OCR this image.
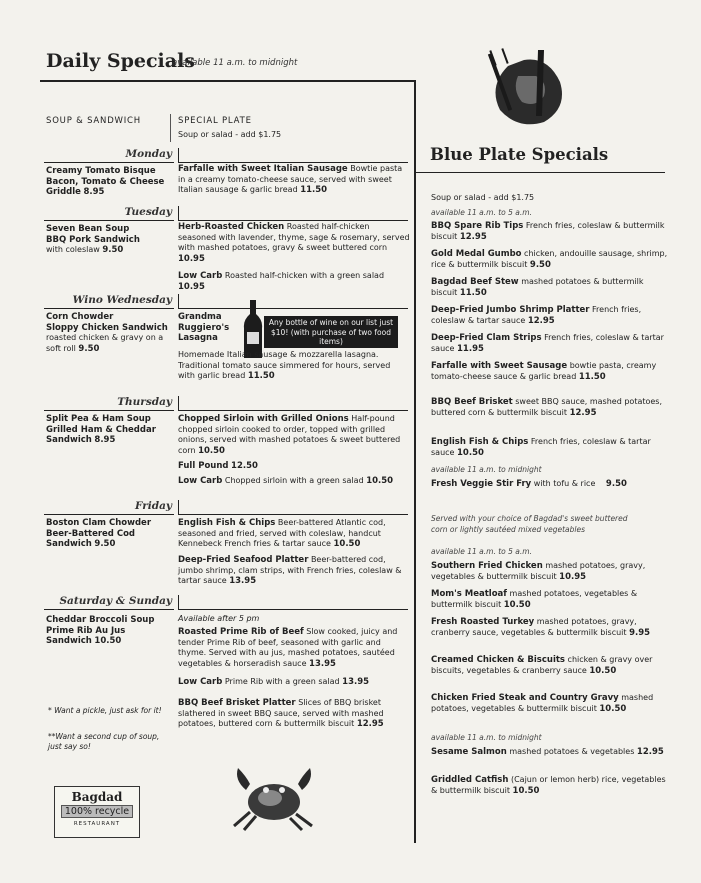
Daily Specials
available 11 a.m. to midnight
SOUP & SANDWICH	SPECIAL PLATE
Soup or salad - add $1.75
Monday
Creamy Tomato Bisque
Bacon, Tomato & Cheese Griddle 8.95
Farfalle with Sweet Italian Sausage Bowtie pasta in a creamy tomato-cheese sauce, served with sweet Italian sausage & garlic bread 11.50
Tuesday
Seven Bean Soup
BBQ Pork Sandwich
with coleslaw 9.50
Herb-Roasted Chicken Roasted half-chicken seasoned with lavender, thyme, sage & rosemary, served with mashed potatoes, gravy & sweet buttered corn 10.95
Low Carb Roasted half-chicken with a green salad 10.95
Wino Wednesday
Corn Chowder
Sloppy Chicken Sandwich
roasted chicken & gravy on a soft roll 9.50
Grandma Ruggiero's Lasagna
Any bottle of wine on our list just $10! (with purchase of two food items)
Homemade Italian sausage & mozzarella lasagna. Traditional tomato sauce simmered for hours, served with garlic bread 11.50
Thursday
Split Pea & Ham Soup
Grilled Ham & Cheddar Sandwich 8.95
Chopped Sirloin with Grilled Onions Half-pound chopped sirloin cooked to order, topped with grilled onions, served with mashed potatoes & sweet buttered corn 10.50
Full Pound 12.50
Low Carb Chopped sirloin with a green salad 10.50
Friday
Boston Clam Chowder
Beer-Battered Cod Sandwich 9.50
English Fish & Chips Beer-battered Atlantic cod, seasoned and fried, served with coleslaw, handcut Kennebeck French fries & tartar sauce 10.50
Deep-Fried Seafood Platter Beer-battered cod, jumbo shrimp, clam strips, with French fries, coleslaw & tartar sauce 13.95
Saturday & Sunday
Cheddar Broccoli Soup
Prime Rib Au Jus Sandwich 10.50
Available after 5 pm
Roasted Prime Rib of Beef Slow cooked, juicy and tender Prime Rib of beef, seasoned with garlic and thyme. Served with au jus, mashed potatoes, sautéed vegetables & horseradish sauce 13.95
Low Carb Prime Rib with a green salad 13.95
BBQ Beef Brisket Platter Slices of BBQ brisket slathered in sweet BBQ sauce, served with mashed potatoes, buttered corn & buttermilk biscuit 12.95
* Want a pickle, just ask for it!
**Want a second cup of soup, just say so!
Bagdad
100% recycle
RESTAURANT
Blue Plate Specials
Soup or salad - add $1.75
available 11 a.m. to 5 a.m.
BBQ Spare Rib Tips French fries, coleslaw & buttermilk biscuit 12.95
Gold Medal Gumbo chicken, andouille sausage, shrimp, rice & buttermilk biscuit 9.50
Bagdad Beef Stew mashed potatoes & buttermilk biscuit 11.50
Deep-Fried Jumbo Shrimp Platter French fries, coleslaw & tartar sauce 12.95
Deep-Fried Clam Strips French fries, coleslaw & tartar sauce 11.95
Farfalle with Sweet Sausage bowtie pasta, creamy tomato-cheese sauce & garlic bread 11.50
BBQ Beef Brisket sweet BBQ sauce, mashed potatoes, buttered corn & buttermilk biscuit 12.95
English Fish & Chips French fries, coleslaw & tartar sauce 10.50
available 11 a.m. to midnight
Fresh Veggie Stir Fry with tofu & rice 9.50
Served with your choice of Bagdad's sweet buttered corn or lightly sautéed mixed vegetables
available 11 a.m. to 5 a.m.
Southern Fried Chicken mashed potatoes, gravy, vegetables & buttermilk biscuit 10.95
Mom's Meatloaf mashed potatoes, vegetables & buttermilk biscuit 10.50
Fresh Roasted Turkey mashed potatoes, gravy, cranberry sauce, vegetables & buttermilk biscuit 9.95
Creamed Chicken & Biscuits chicken & gravy over biscuits, vegetables & cranberry sauce 10.50
Chicken Fried Steak and Country Gravy mashed potatoes, vegetables & buttermilk biscuit 10.50
available 11 a.m. to midnight
Sesame Salmon mashed potatoes & vegetables 12.95
Griddled Catfish (Cajun or lemon herb) rice, vegetables & buttermilk biscuit 10.50
